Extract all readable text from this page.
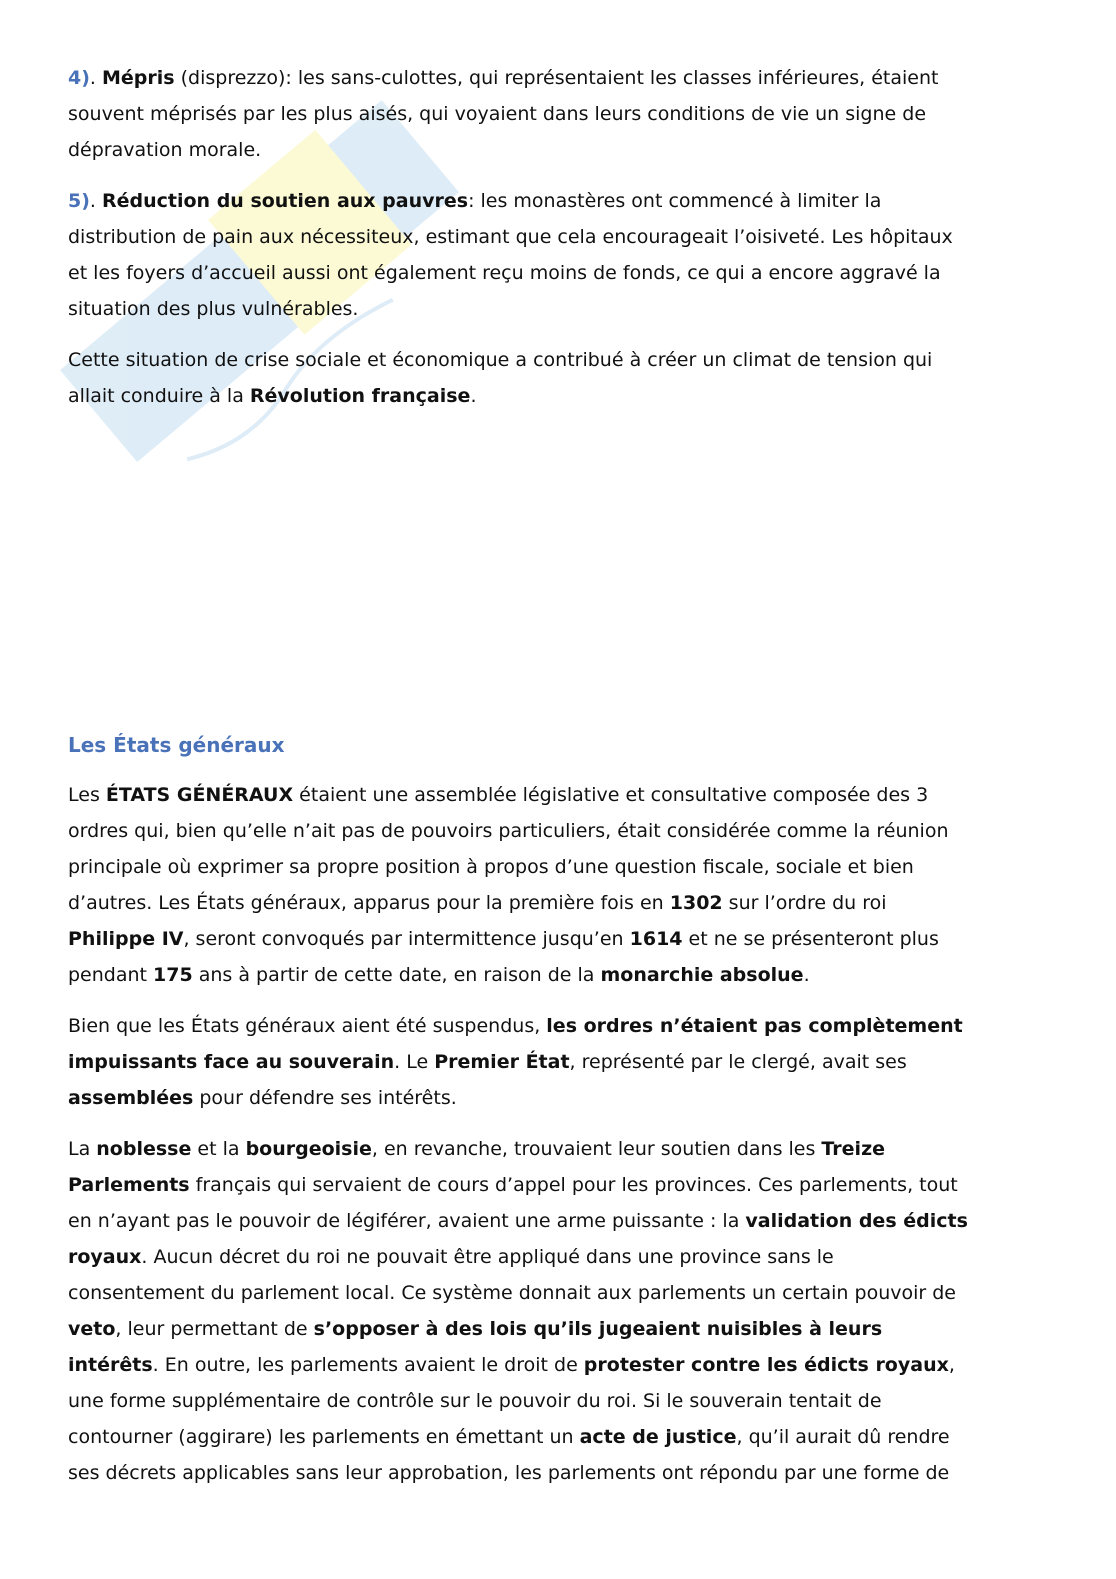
4). Mépris (disprezzo): les sans-culottes, qui représentaient les classes inférieures, étaient
souvent méprisés par les plus aisés, qui voyaient dans leurs conditions de vie un signe de
dépravation morale.

5). Réduction du soutien aux pauvres: les monastères ont commencé à limiter la
distribution de pain aux nécessiteux, estimant que cela encourageait l’oisiveté. Les hôpitaux
et les foyers d’accueil aussi ont également reçu moins de fonds, ce qui a encore aggravé la
situation des plus vulnérables.

Cette situation de crise sociale et économique a contribué à créer un climat de tension qui
allait conduire à la Révolution française.

Les États généraux

Les ÉTATS GÉNÉRAUX étaient une assemblée législative et consultative composée des 3
ordres qui, bien qu’elle n’ait pas de pouvoirs particuliers, était considérée comme la réunion
principale où exprimer sa propre position à propos d’une question fiscale, sociale et bien
d’autres. Les États généraux, apparus pour la première fois en 1302 sur l’ordre du roi
Philippe IV, seront convoqués par intermittence jusqu’en 1614 et ne se présenteront plus
pendant 175 ans à partir de cette date, en raison de la monarchie absolue.

Bien que les États généraux aient été suspendus, les ordres n’étaient pas complètement
impuissants face au souverain. Le Premier État, représenté par le clergé, avait ses
assemblées pour défendre ses intérêts.

La noblesse et la bourgeoisie, en revanche, trouvaient leur soutien dans les Treize
Parlements français qui servaient de cours d’appel pour les provinces. Ces parlements, tout
en n’ayant pas le pouvoir de légiférer, avaient une arme puissante : la validation des édicts
royaux. Aucun décret du roi ne pouvait être appliqué dans une province sans le
consentement du parlement local. Ce système donnait aux parlements un certain pouvoir de
veto, leur permettant de s’opposer à des lois qu’ils jugeaient nuisibles à leurs
intérêts. En outre, les parlements avaient le droit de protester contre les édicts royaux,
une forme supplémentaire de contrôle sur le pouvoir du roi. Si le souverain tentait de
contourner (aggirare) les parlements en émettant un acte de justice, qu’il aurait dû rendre
ses décrets applicables sans leur approbation, les parlements ont répondu par une forme de
